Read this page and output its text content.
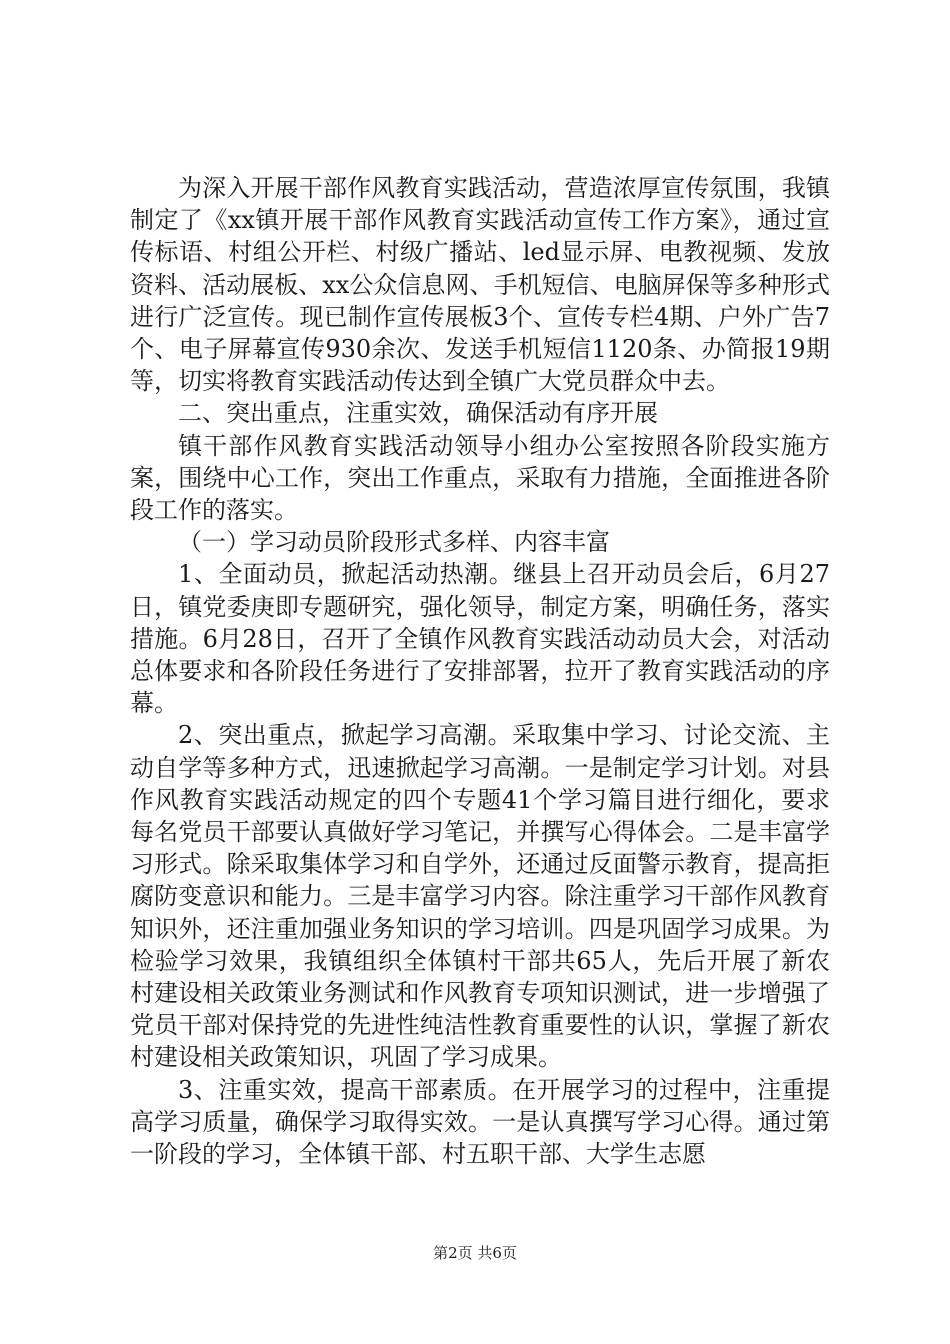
为深入开展干部作风教育实践活动，营造浓厚宣传氛围，我镇制定了《xx镇开展干部作风教育实践活动宣传工作方案》，通过宣传标语、村组公开栏、村级广播站、led显示屏、电教视频、发放资料、活动展板、xx公众信息网、手机短信、电脑屏保等多种形式进行广泛宣传。现已制作宣传展板3个、宣传专栏4期、户外广告7个、电子屏幕宣传930余次、发送手机短信1120条、办简报19期等，切实将教育实践活动传达到全镇广大党员群众中去。

二、突出重点，注重实效，确保活动有序开展

镇干部作风教育实践活动领导小组办公室按照各阶段实施方案，围绕中心工作，突出工作重点，采取有力措施，全面推进各阶段工作的落实。

（一）学习动员阶段形式多样、内容丰富

1、全面动员，掀起活动热潮。继县上召开动员会后，6月27日，镇党委庚即专题研究，强化领导，制定方案，明确任务，落实措施。6月28日，召开了全镇作风教育实践活动动员大会，对活动总体要求和各阶段任务进行了安排部署，拉开了教育实践活动的序幕。

2、突出重点，掀起学习高潮。采取集中学习、讨论交流、主动自学等多种方式，迅速掀起学习高潮。一是制定学习计划。对县作风教育实践活动规定的四个专题41个学习篇目进行细化，要求每名党员干部要认真做好学习笔记，并撰写心得体会。二是丰富学习形式。除采取集体学习和自学外，还通过反面警示教育，提高拒腐防变意识和能力。三是丰富学习内容。除注重学习干部作风教育知识外，还注重加强业务知识的学习培训。四是巩固学习成果。为检验学习效果，我镇组织全体镇村干部共65人，先后开展了新农村建设相关政策业务测试和作风教育专项知识测试，进一步增强了党员干部对保持党的先进性纯洁性教育重要性的认识，掌握了新农村建设相关政策知识，巩固了学习成果。

3、注重实效，提高干部素质。在开展学习的过程中，注重提高学习质量，确保学习取得实效。一是认真撰写学习心得。通过第一阶段的学习，全体镇干部、村五职干部、大学生志愿

第2页 共6页
